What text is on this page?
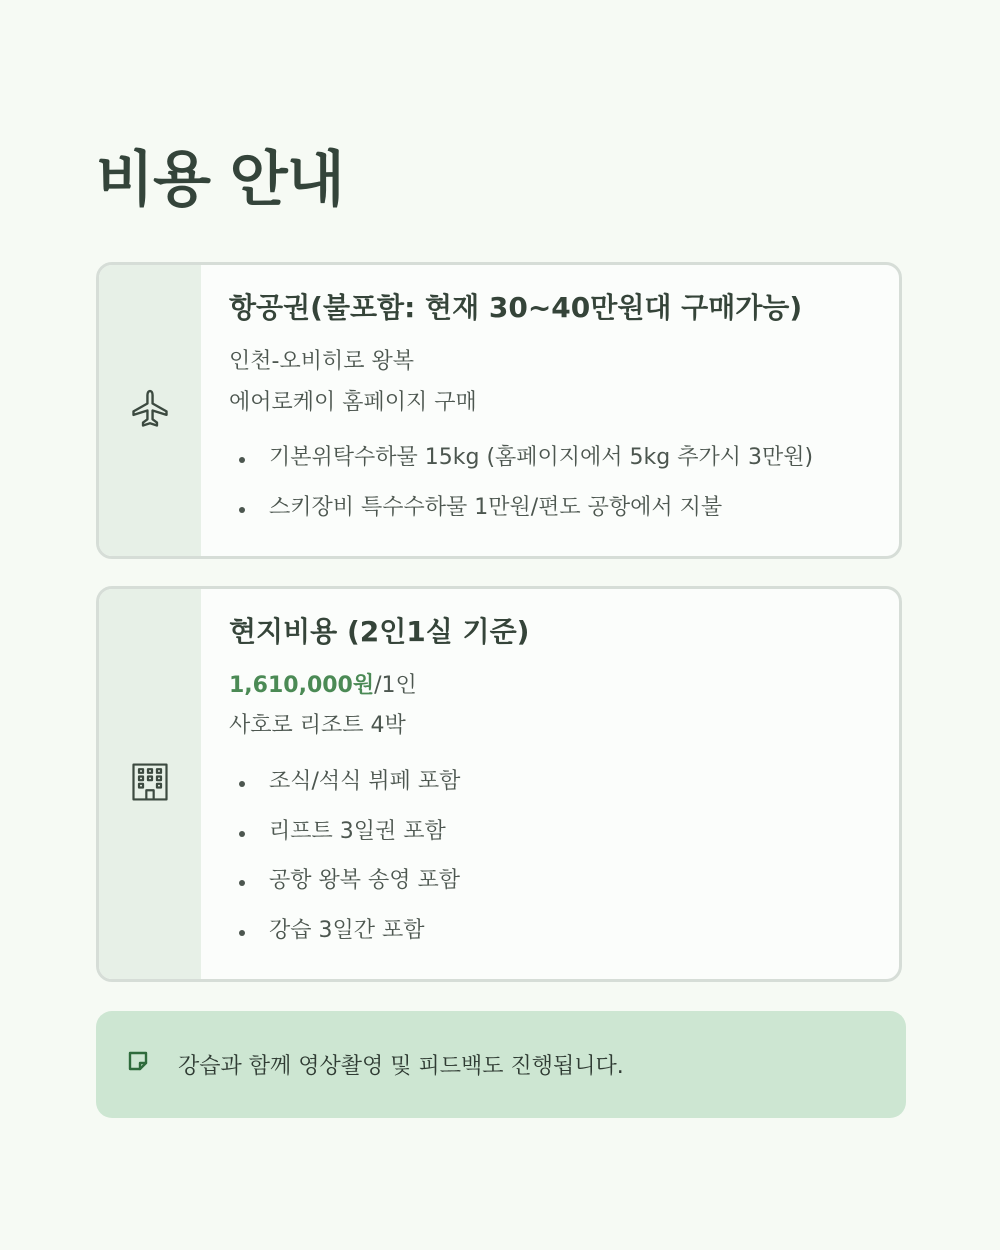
비용 안내
항공권(불포함: 현재 30~40만원대 구매가능)
인천-오비히로 왕복
에어로케이 홈페이지 구매
기본위탁수하물 15kg (홈페이지에서 5kg 추가시 3만원)
스키장비 특수수하물 1만원/편도 공항에서 지불
현지비용 (2인1실 기준)
1,610,000원/1인
사호로 리조트 4박
조식/석식 뷔페 포함
리프트 3일권 포함
공항 왕복 송영 포함
강습 3일간 포함
강습과 함께 영상촬영 및 피드백도 진행됩니다.
